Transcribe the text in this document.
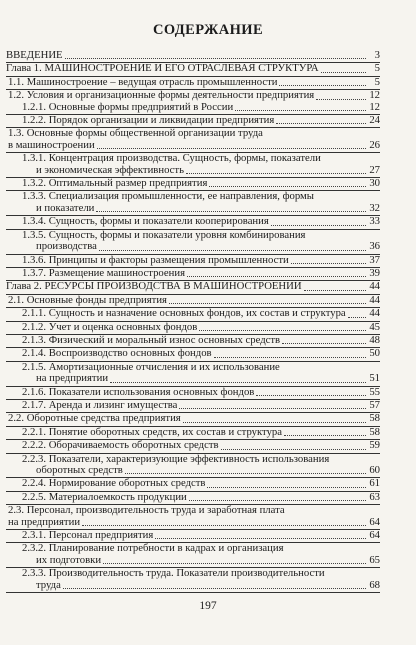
СОДЕРЖАНИЕ
ВВЕДЕНИЕ	3
Глава 1. МАШИНОСТРОЕНИЕ И ЕГО ОТРАСЛЕВАЯ СТРУКТУРА	5
1.1. Машиностроение – ведущая отрасль промышленности	5
1.2. Условия и организационные формы деятельности предприятия	12
1.2.1. Основные формы предприятий в России	12
1.2.2. Порядок организации и ликвидации предприятия	24
1.3. Основные формы общественной организации труда
в машиностроении	26
1.3.1. Концентрация производства. Сущность, формы, показатели
и экономическая эффективность	27
1.3.2. Оптимальный размер предприятия	30
1.3.3. Специализация промышленности, ее направления, формы
и показатели	32
1.3.4. Сущность, формы и показатели кооперирования	33
1.3.5. Сущность, формы и показатели уровня комбинирования
производства	36
1.3.6. Принципы и факторы размещения промышленности	37
1.3.7. Размещение машиностроения	39
Глава 2. РЕСУРСЫ ПРОИЗВОДСТВА В МАШИНОСТРОЕНИИ	44
2.1. Основные фонды предприятия	44
2.1.1. Сущность и назначение основных фондов, их состав и структура 44
2.1.2. Учет и оценка основных фондов	45
2.1.3. Физический и моральный износ основных средств	48
2.1.4. Воспроизводство основных фондов	50
2.1.5. Амортизационные отчисления и их использование
на предприятии	51
2.1.6. Показатели использования основных фондов	55
2.1.7. Аренда и лизинг имущества	57
2.2. Оборотные средства предприятия	58
2.2.1. Понятие оборотных средств, их состав и структура	58
2.2.2. Оборачиваемость оборотных средств	59
2.2.3. Показатели, характеризующие эффективность использования
оборотных средств	60
2.2.4. Нормирование оборотных средств	61
2.2.5. Материалоемкость продукции	63
2.3. Персонал, производительность труда и заработная плата
на предприятии	64
2.3.1. Персонал предприятия	64
2.3.2. Планирование потребности в кадрах и организация
их подготовки	65
2.3.3. Производительность труда. Показатели производительности
труда	68
197
